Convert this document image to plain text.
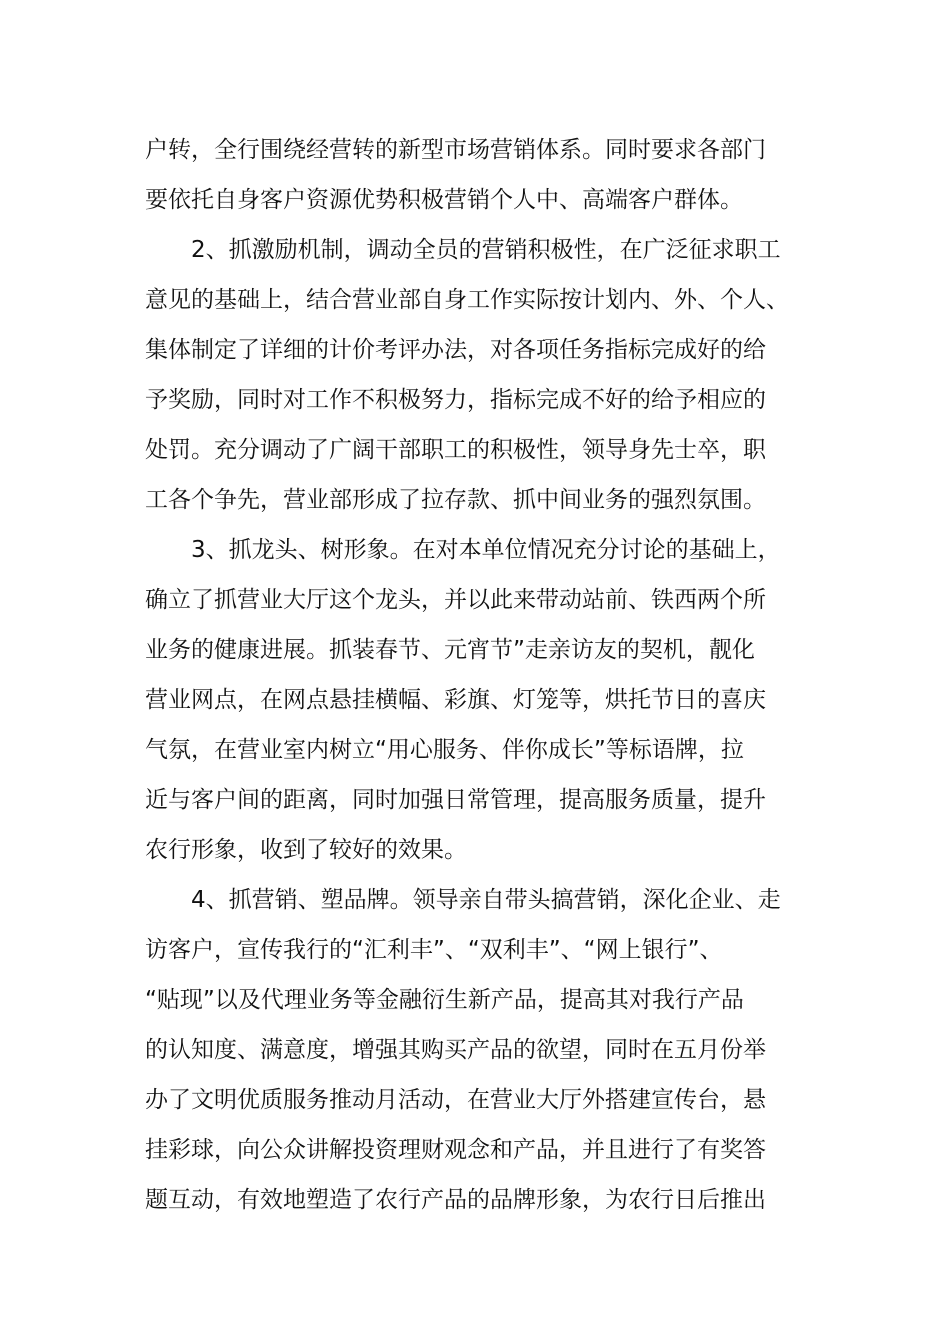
户转，全行围绕经营转的新型市场营销体系。同时要求各部门
要依托自身客户资源优势积极营销个人中、高端客户群体。
2、抓激励机制，调动全员的营销积极性，在广泛征求职工
意见的基础上，结合营业部自身工作实际按计划内、外、个人、
集体制定了详细的计价考评办法，对各项任务指标完成好的给
予奖励，同时对工作不积极努力，指标完成不好的给予相应的
处罚。充分调动了广阔干部职工的积极性，领导身先士卒，职
工各个争先，营业部形成了拉存款、抓中间业务的强烈氛围。
3、抓龙头、树形象。在对本单位情况充分讨论的基础上，
确立了抓营业大厅这个龙头，并以此来带动站前、铁西两个所
业务的健康进展。抓装春节、元宵节”走亲访友的契机，靓化
营业网点，在网点悬挂横幅、彩旗、灯笼等，烘托节日的喜庆
气氛，在营业室内树立“用心服务、伴你成长”等标语牌，拉
近与客户间的距离，同时加强日常管理，提高服务质量，提升
农行形象，收到了较好的效果。
4、抓营销、塑品牌。领导亲自带头搞营销，深化企业、走
访客户，宣传我行的“汇利丰”、“双利丰”、“网上银行”、
“贴现”以及代理业务等金融衍生新产品，提高其对我行产品
的认知度、满意度，增强其购买产品的欲望，同时在五月份举
办了文明优质服务推动月活动，在营业大厅外搭建宣传台，悬
挂彩球，向公众讲解投资理财观念和产品，并且进行了有奖答
题互动，有效地塑造了农行产品的品牌形象，为农行日后推出
